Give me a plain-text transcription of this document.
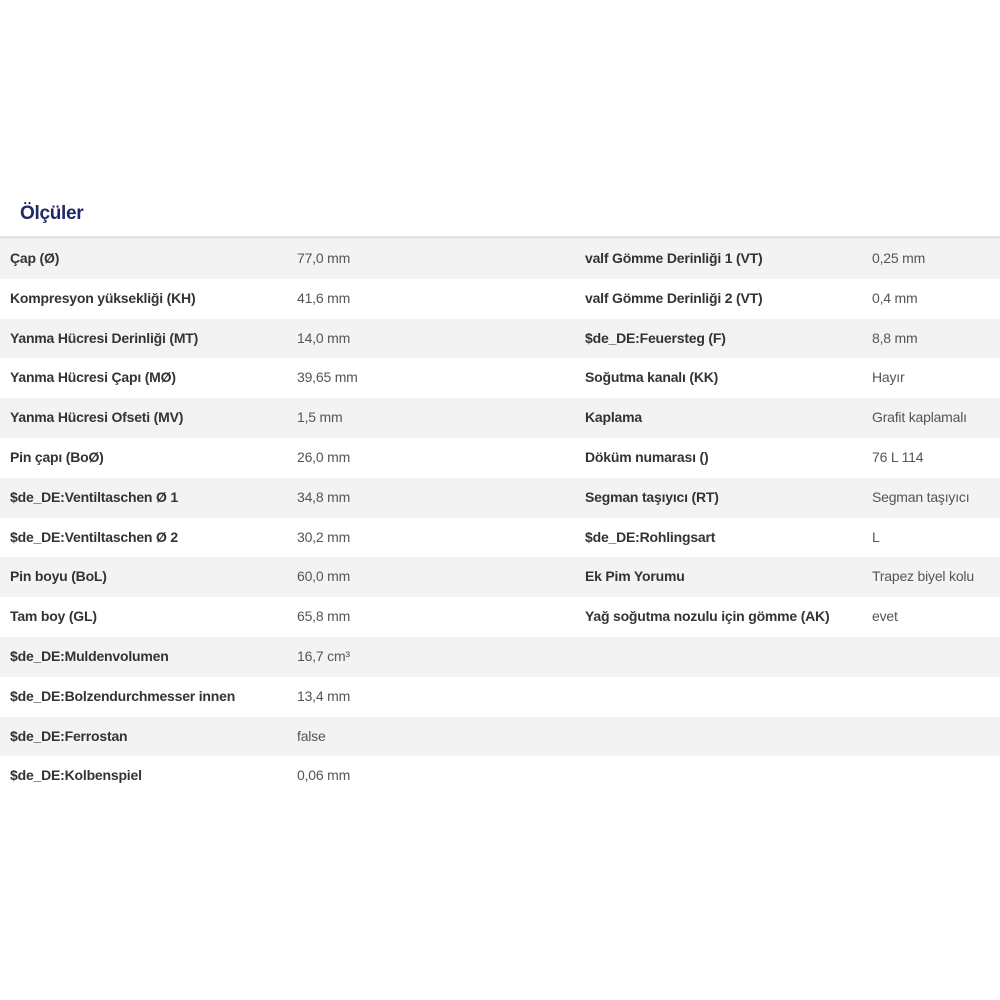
Ölçüler
Çap (Ø)	77,0 mm	valf Gömme Derinliği 1 (VT)	0,25 mm
Kompresyon yüksekliği (KH)	41,6 mm	valf Gömme Derinliği 2 (VT)	0,4 mm
Yanma Hücresi Derinliği (MT)	14,0 mm	$de_DE:Feuersteg (F)	8,8 mm
Yanma Hücresi Çapı (MØ)	39,65 mm	Soğutma kanalı (KK)	Hayır
Yanma Hücresi Ofseti (MV)	1,5 mm	Kaplama	Grafit kaplamalı
Pin çapı (BoØ)	26,0 mm	Döküm numarası ()	76 L 114
$de_DE:Ventiltaschen Ø 1	34,8 mm	Segman taşıyıcı (RT)	Segman taşıyıcı
$de_DE:Ventiltaschen Ø 2	30,2 mm	$de_DE:Rohlingsart	L
Pin boyu (BoL)	60,0 mm	Ek Pim Yorumu	Trapez biyel kolu
Tam boy (GL)	65,8 mm	Yağ soğutma nozulu için gömme (AK)	evet
$de_DE:Muldenvolumen	16,7 cm³
$de_DE:Bolzendurchmesser innen	13,4 mm
$de_DE:Ferrostan	false
$de_DE:Kolbenspiel	0,06 mm
